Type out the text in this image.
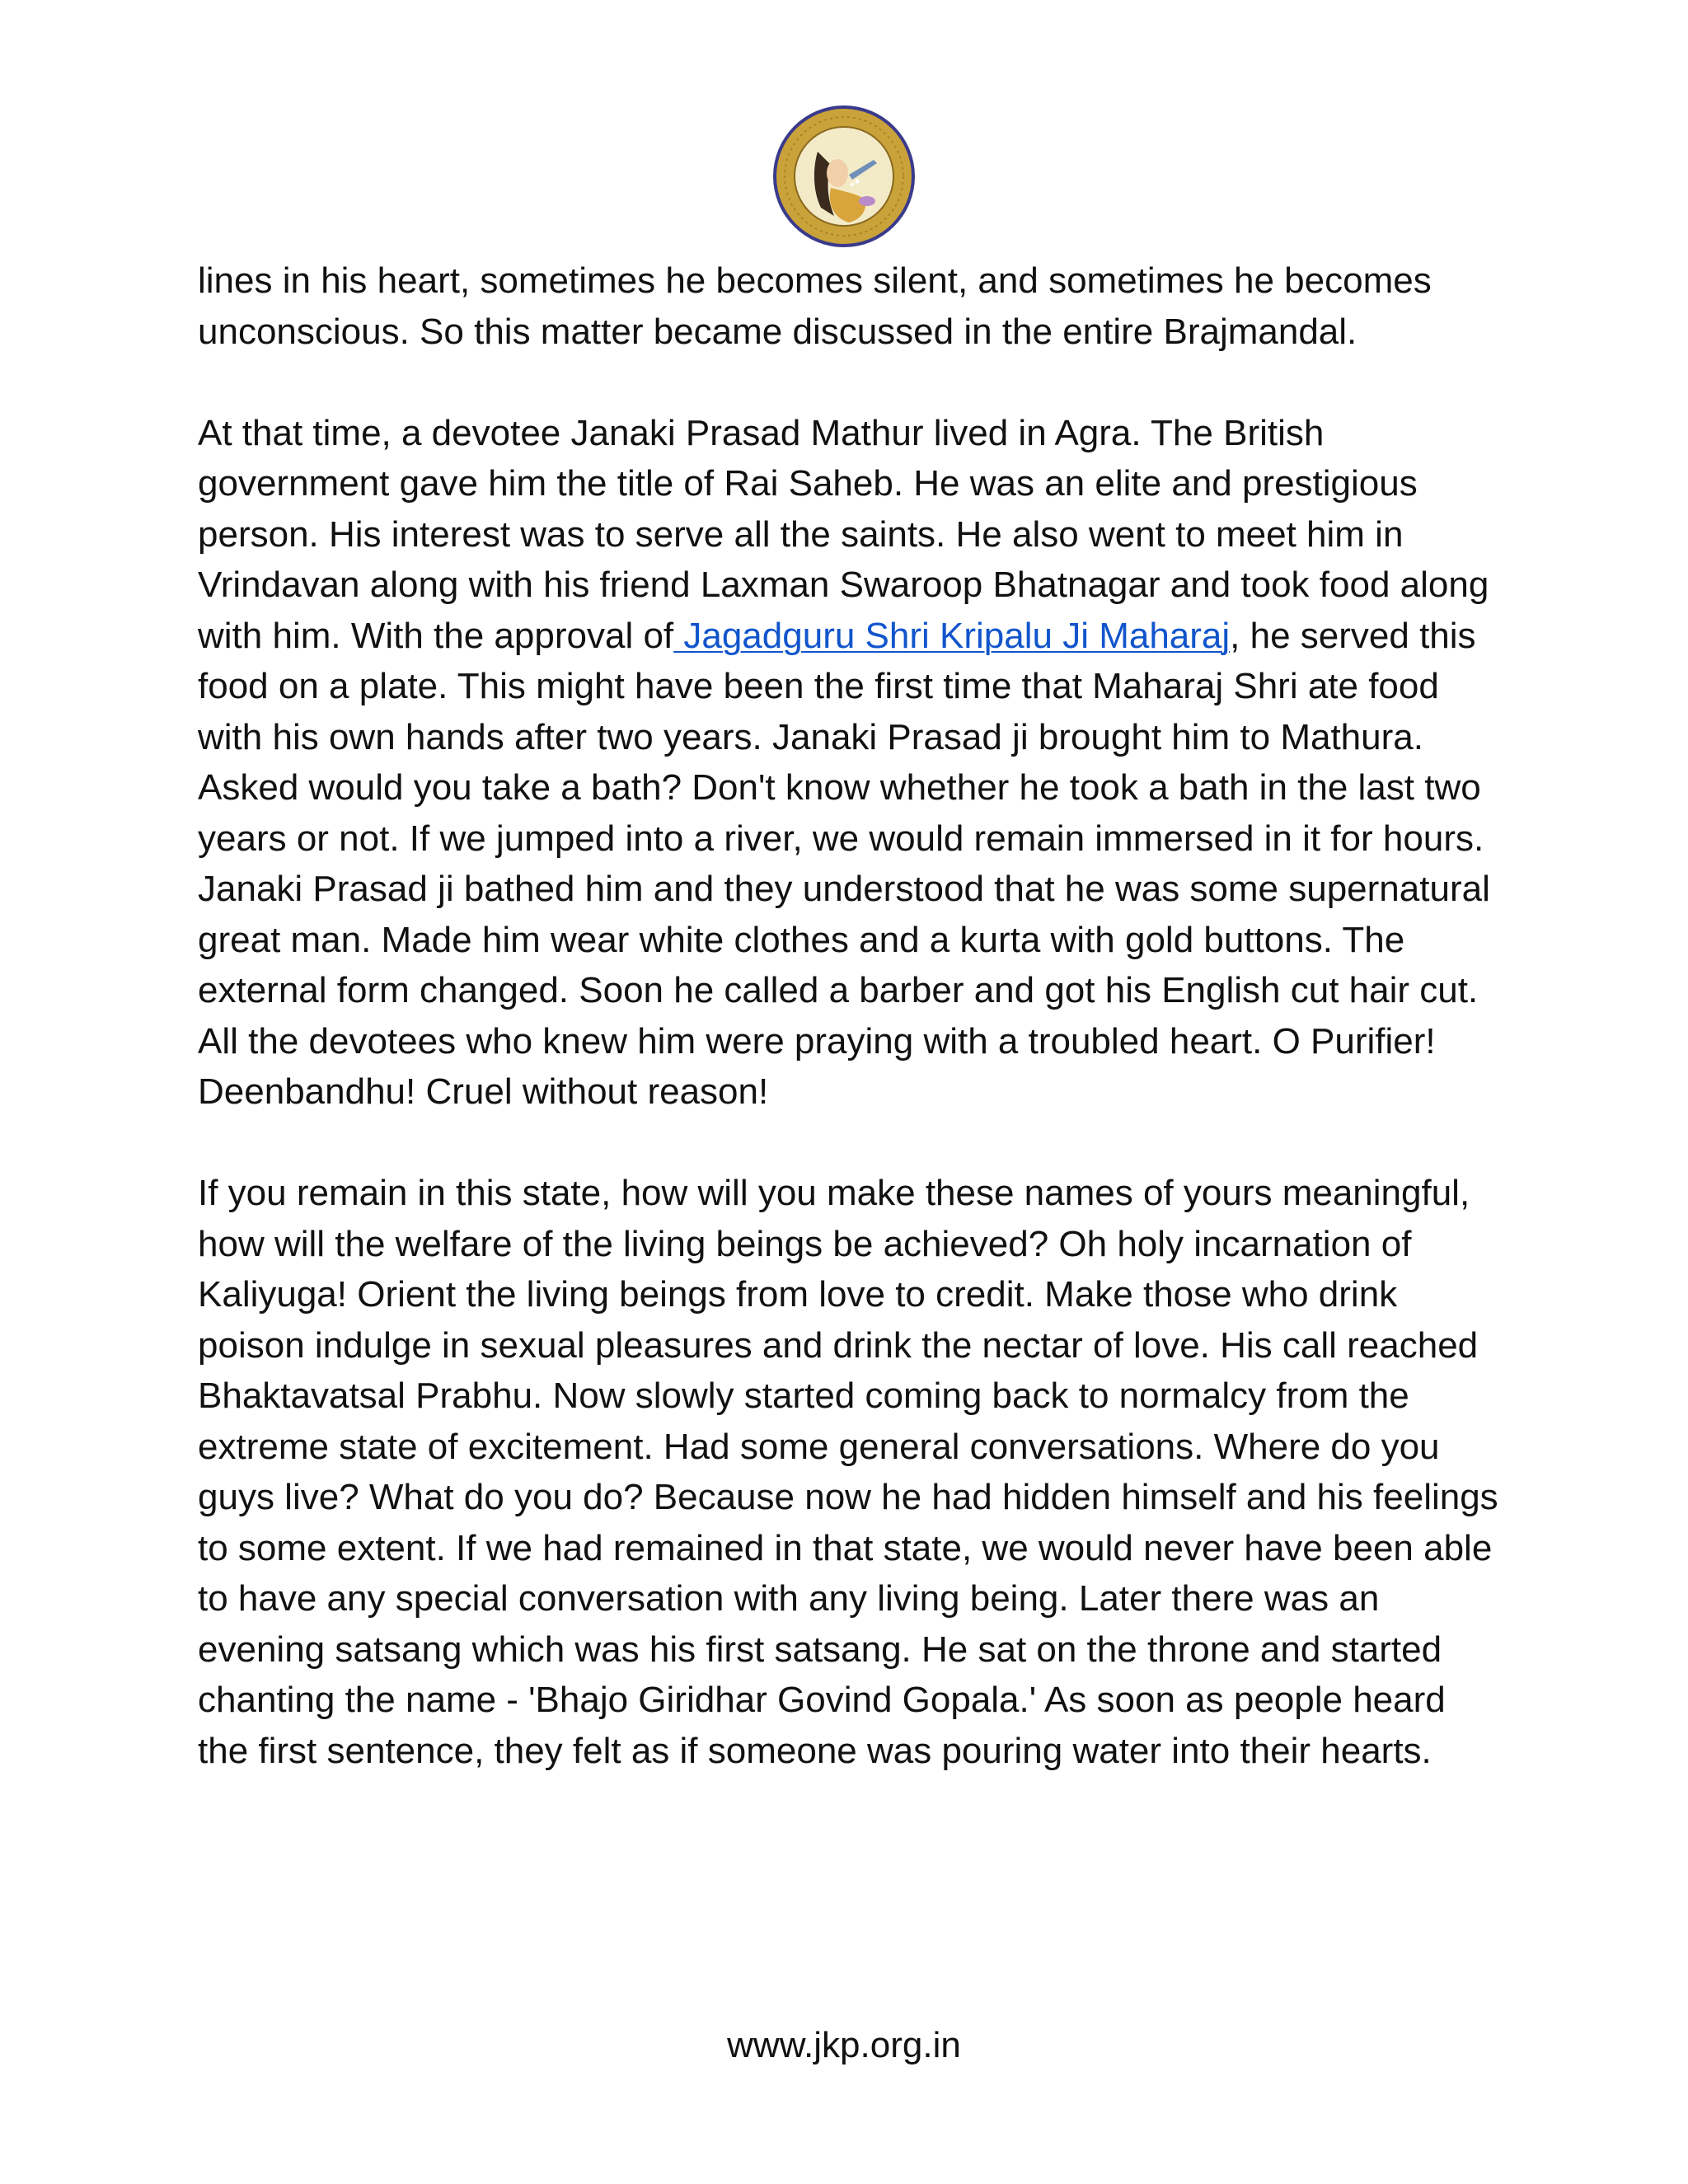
lines in his heart, sometimes he becomes silent, and sometimes he becomes unconscious. So this matter became discussed in the entire Brajmandal.

At that time, a devotee Janaki Prasad Mathur lived in Agra. The British government gave him the title of Rai Saheb. He was an elite and prestigious person. His interest was to serve all the saints. He also went to meet him in Vrindavan along with his friend Laxman Swaroop Bhatnagar and took food along with him. With the approval of Jagadguru Shri Kripalu Ji Maharaj, he served this food on a plate. This might have been the first time that Maharaj Shri ate food with his own hands after two years. Janaki Prasad ji brought him to Mathura. Asked would you take a bath? Don't know whether he took a bath in the last two years or not. If we jumped into a river, we would remain immersed in it for hours. Janaki Prasad ji bathed him and they understood that he was some supernatural great man. Made him wear white clothes and a kurta with gold buttons. The external form changed. Soon he called a barber and got his English cut hair cut. All the devotees who knew him were praying with a troubled heart. O Purifier! Deenbandhu! Cruel without reason!

If you remain in this state, how will you make these names of yours meaningful, how will the welfare of the living beings be achieved? Oh holy incarnation of Kaliyuga! Orient the living beings from love to credit. Make those who drink poison indulge in sexual pleasures and drink the nectar of love. His call reached Bhaktavatsal Prabhu. Now slowly started coming back to normalcy from the extreme state of excitement. Had some general conversations. Where do you guys live? What do you do? Because now he had hidden himself and his feelings to some extent. If we had remained in that state, we would never have been able to have any special conversation with any living being. Later there was an evening satsang which was his first satsang. He sat on the throne and started chanting the name - 'Bhajo Giridhar Govind Gopala.' As soon as people heard the first sentence, they felt as if someone was pouring water into their hearts.

www.jkp.org.in
